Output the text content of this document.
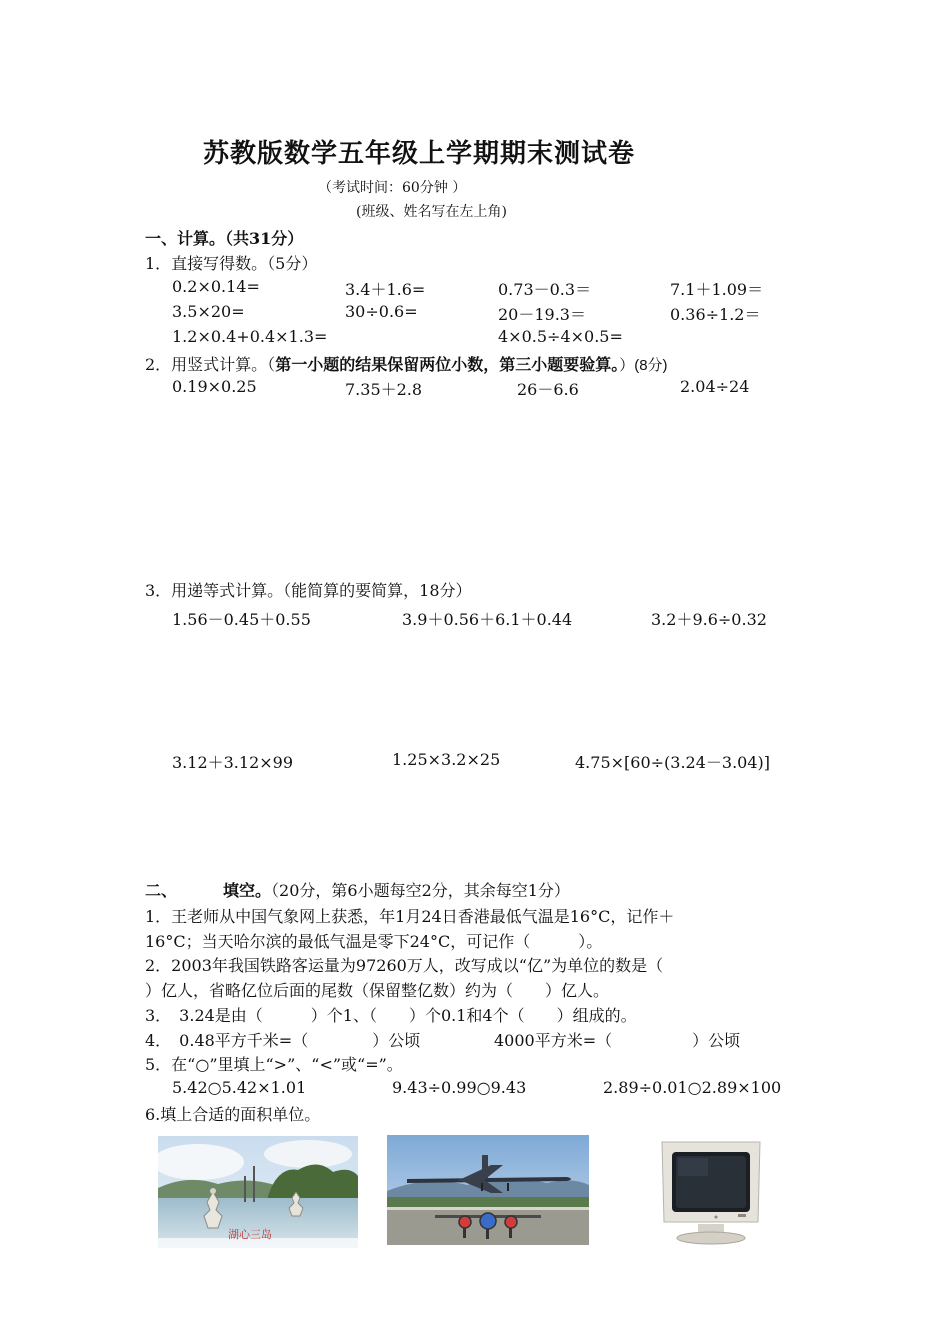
苏教版数学五年级上学期期末测试卷
（考试时间：60分钟 ）
(班级、姓名写在左上角)
一、计算。（共31分）
1．直接写得数。（5分）
0.2×0.14=	3.4＋1.6=	0.73－0.3＝	7.1＋1.09＝
3.5×20=	30÷0.6=	20－19.3＝	0.36÷1.2＝
1.2×0.4+0.4×1.3=	4×0.5÷4×0.5=
2．用竖式计算。（第一小题的结果保留两位小数，第三小题要验算。）(8分)
0.19×0.25	7.35＋2.8	26－6.6	2.04÷24
3．用递等式计算。（能简算的要简算，18分）
1.56－0.45＋0.55	3.9＋0.56＋6.1＋0.44	3.2＋9.6÷0.32
3.12＋3.12×99	1.25×3.2×25	4.75×[60÷(3.24－3.04)]
二、	填空。（20分，第6小题每空2分，其余每空1分）
1．王老师从中国气象网上获悉，年1月24日香港最低气温是16°C，记作＋
16°C；当天哈尔滨的最低气温是零下24°C，可记作（　　　）。
2．2003年我国铁路客运量为97260万人，改写成以“亿”为单位的数是（
）亿人，省略亿位后面的尾数（保留整亿数）约为（　　）亿人。
3．　3.24是由（　　　）个1、（　　）个0.1和4个（　　）组成的。
4．　0.48平方千米=（　　　　）公顷	4000平方米=（　　　　　）公顷
5．在“○”里填上“>”、“<”或“=”。
5.42○5.42×1.01	9.43÷0.99○9.43	2.89÷0.01○2.89×100
6.填上合适的面积单位。
湖心三岛
